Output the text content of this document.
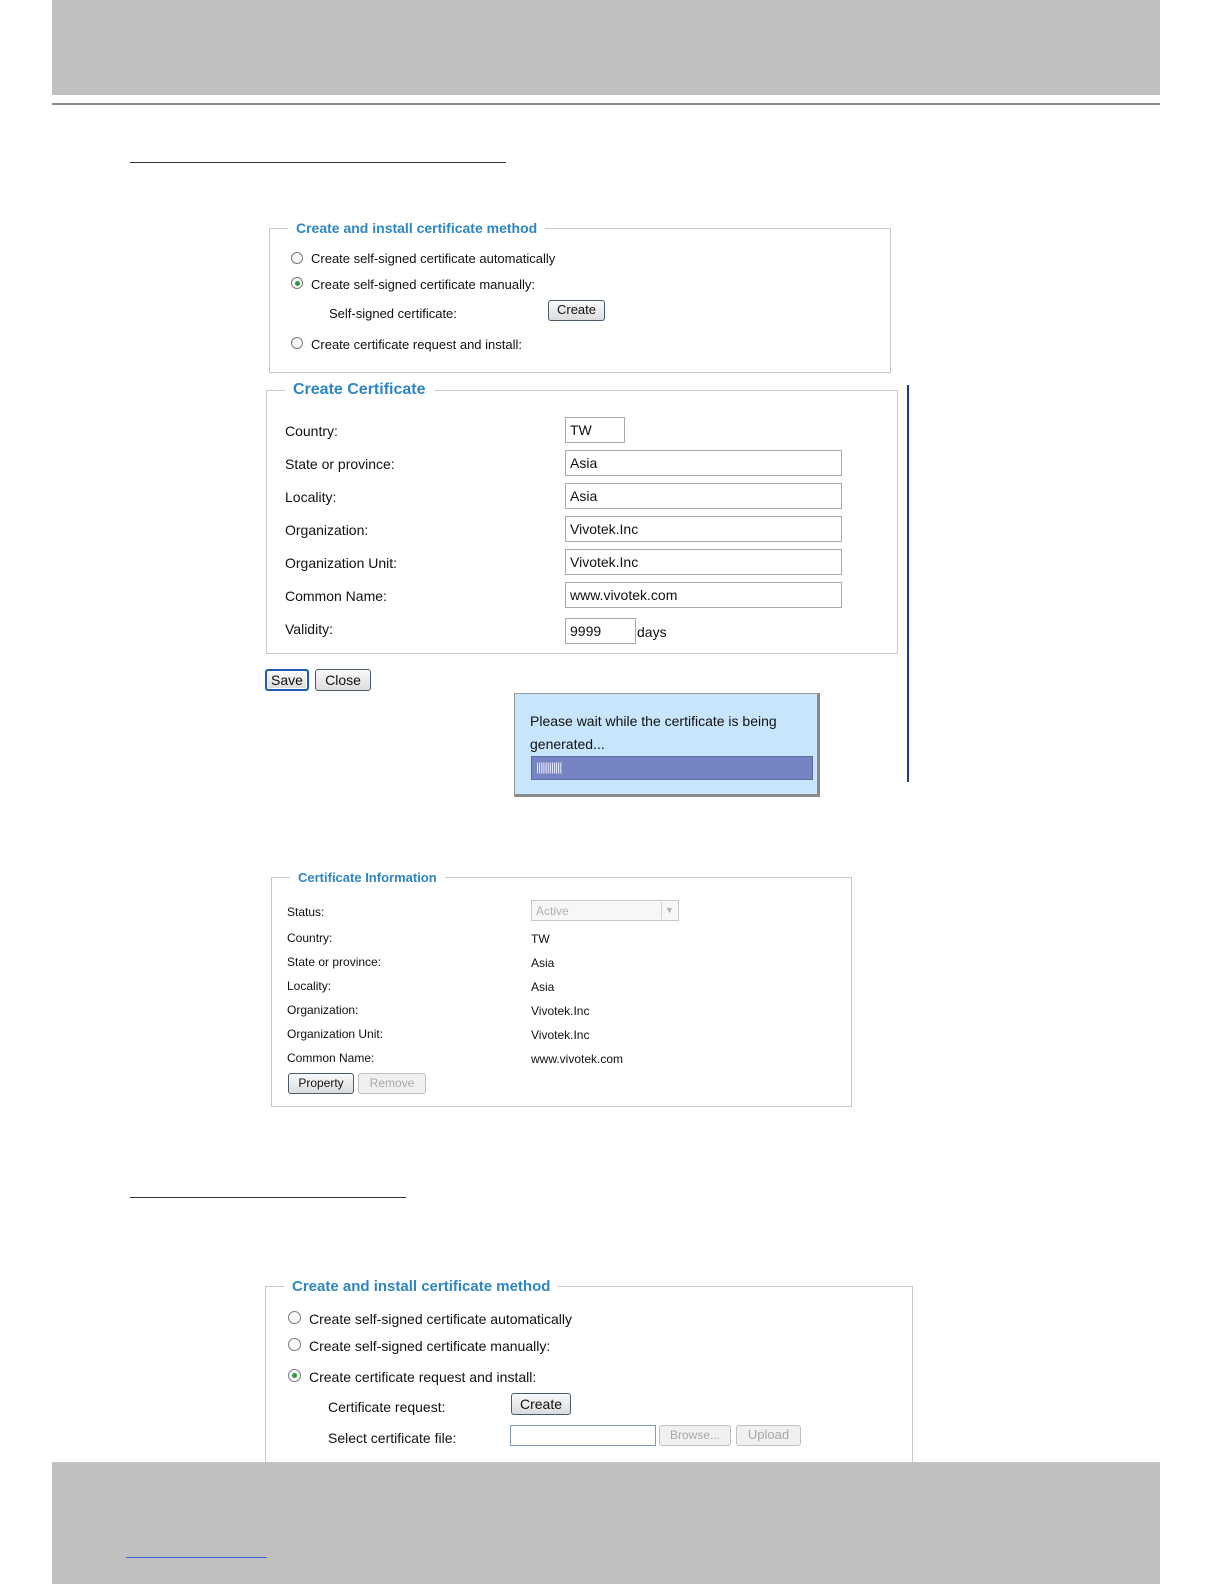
Create and install certificate method
Create self-signed certificate automatically
Create self-signed certificate manually:
Self-signed certificate:	Create
Create certificate request and install:
Create Certificate
Country:	TW
State or province:	Asia
Locality:	Asia
Organization:	Vivotek.Inc
Organization Unit:	Vivotek.Inc
Common Name:	www.vivotek.com
Validity:	9999	days
Save	Close
Please wait while the certificate is being generated...
||||||||||||
Certificate Information
Status:	Active	▼
Country:	TW
State or province:	Asia
Locality:	Asia
Organization:	Vivotek.Inc
Organization Unit:	Vivotek.Inc
Common Name:	www.vivotek.com
Property	Remove
Create and install certificate method
Create self-signed certificate automatically
Create self-signed certificate manually:
Create certificate request and install:
Certificate request:	Create
Select certificate file:	Browse...	Upload
